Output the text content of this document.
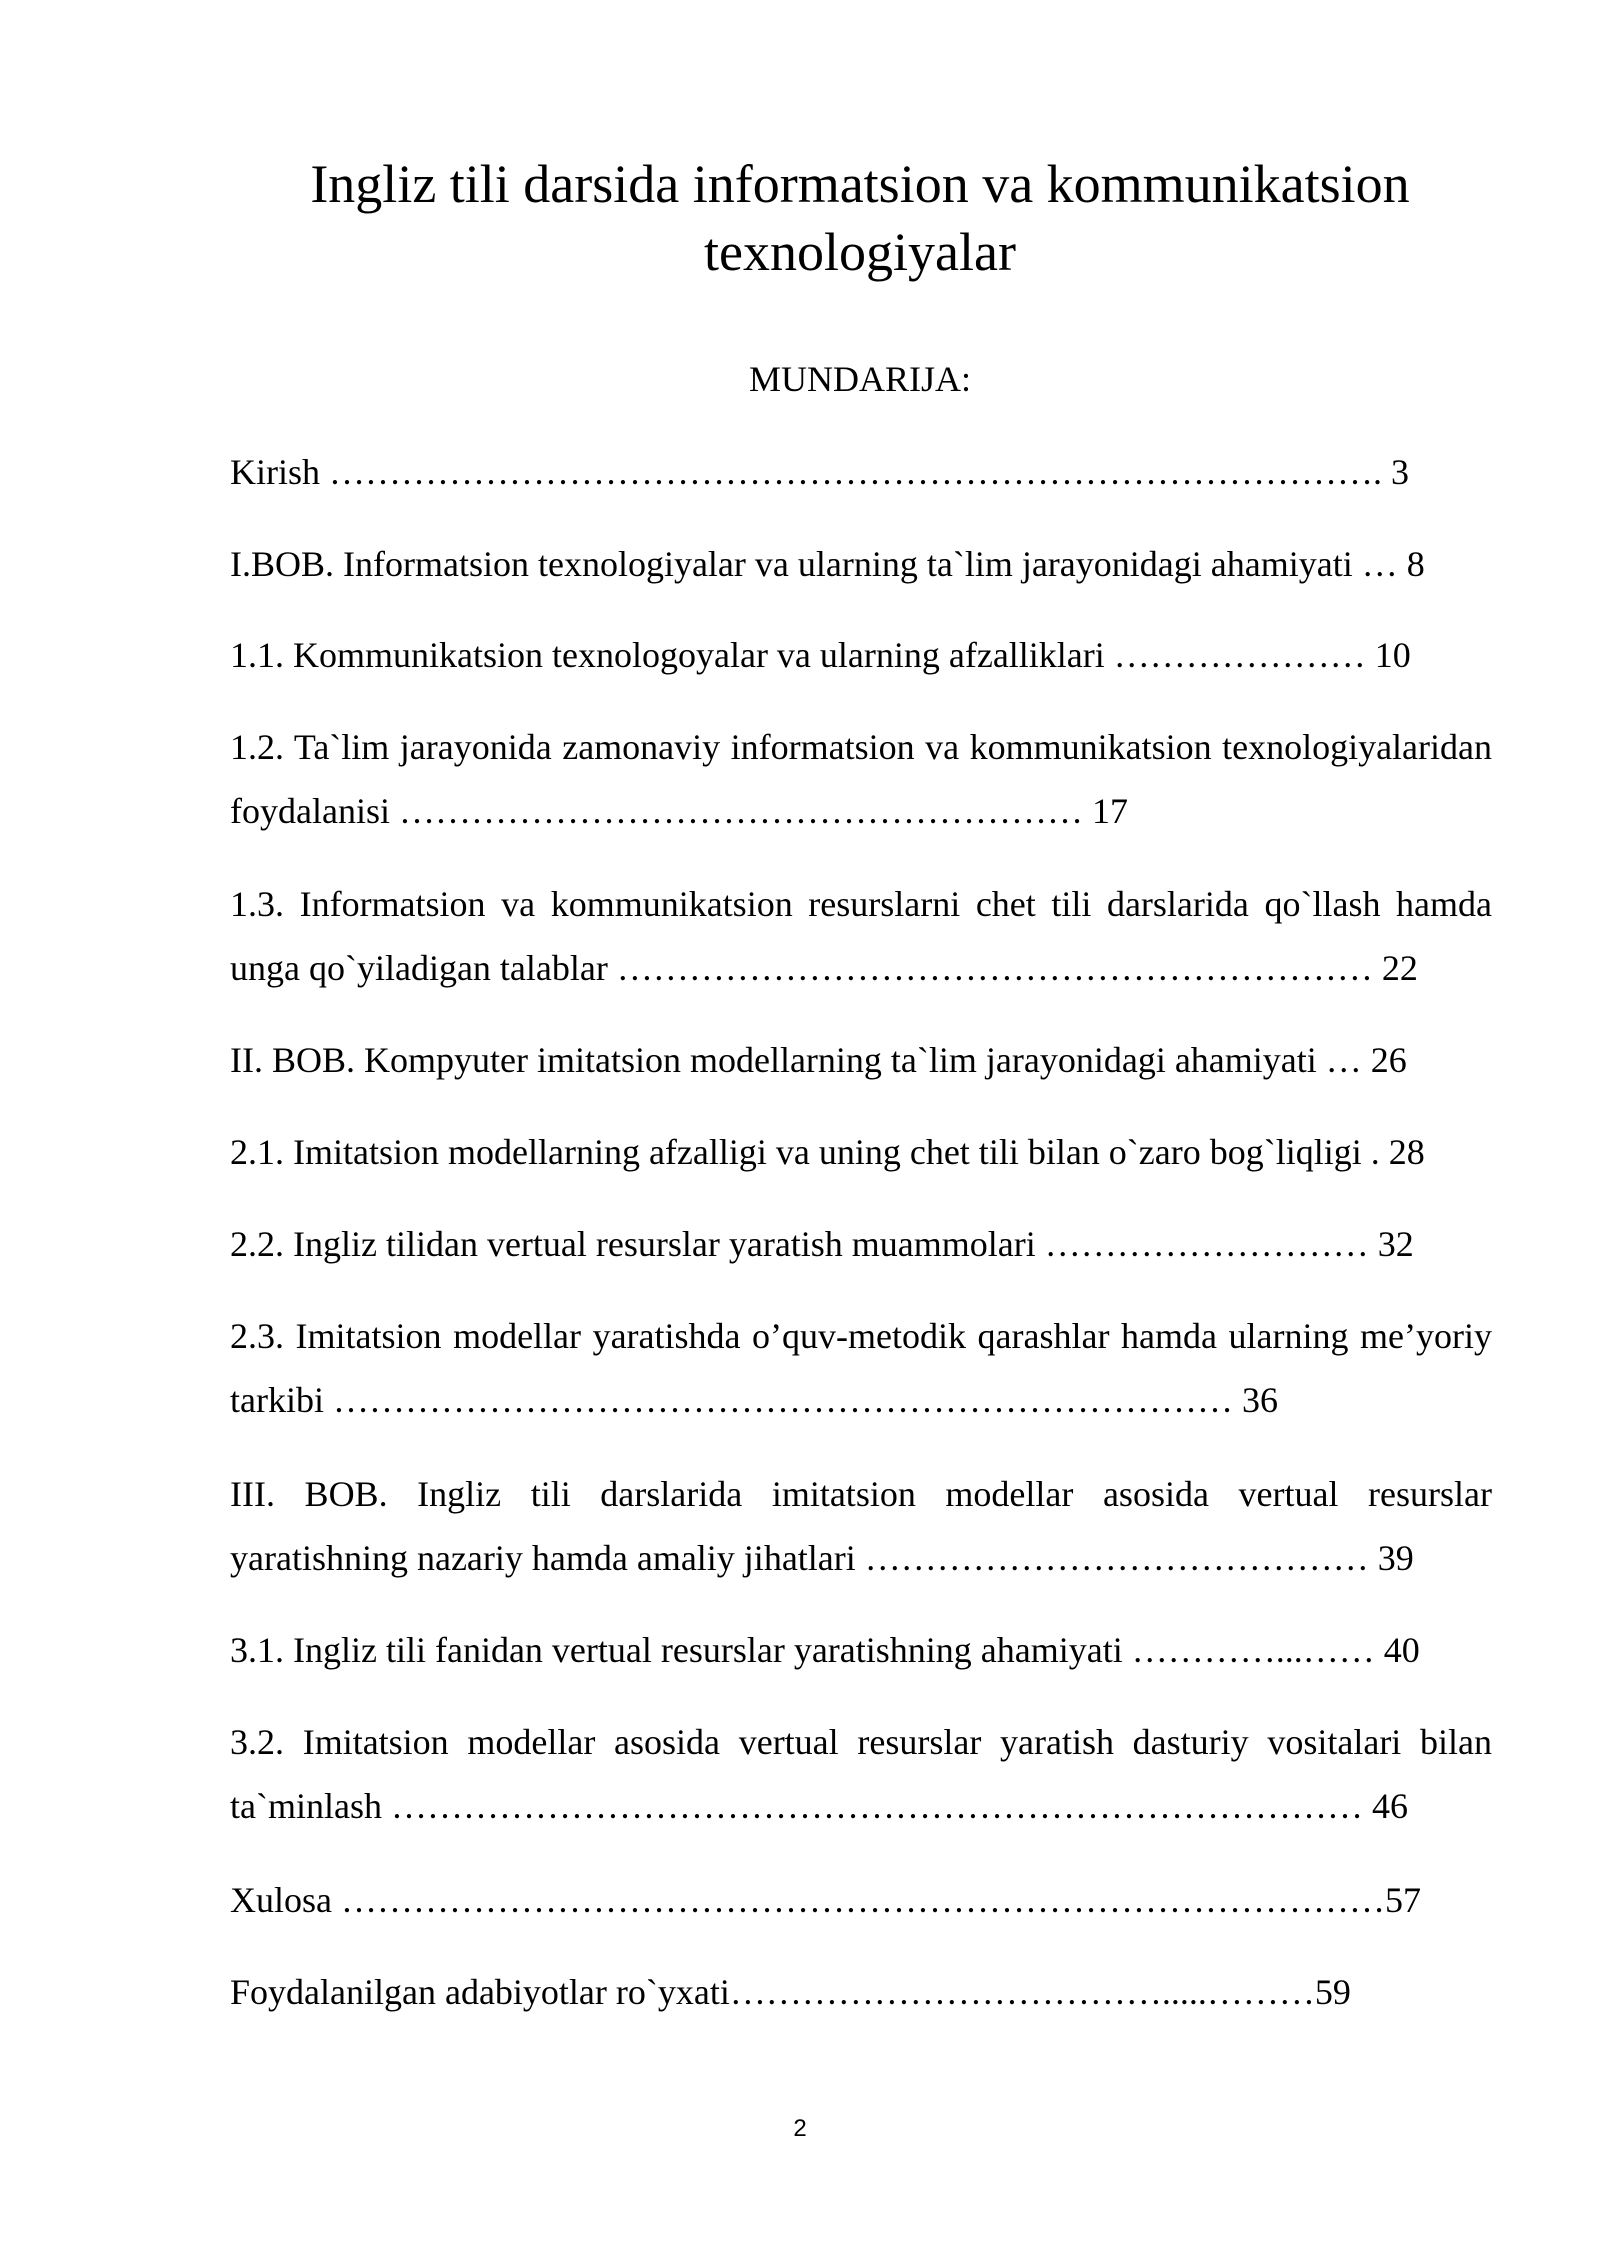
Ingliz tili darsida informatsion va kommunikatsion
texnologiyalar

MUNDARIJA:

Kirish ……………………………………………………………………………. 3
I.BOB. Informatsion texnologiyalar va ularning ta`lim jarayonidagi ahamiyati … 8
1.1. Kommunikatsion texnologoyalar va ularning afzalliklari ………………… 10
1.2. Ta`lim jarayonida zamonaviy informatsion va kommunikatsion texnologiyalaridan foydalanisi ………………………………………………… 17
1.3. Informatsion va kommunikatsion resurslarni chet tili darslarida qo`llash hamda unga qo`yiladigan talablar ……………………………………………………… 22
II. BOB. Kompyuter imitatsion modellarning ta`lim jarayonidagi ahamiyati … 26
2.1. Imitatsion modellarning afzalligi va uning chet tili bilan o`zaro bog`liqligi . 28
2.2. Ingliz tilidan vertual resurslar yaratish muammolari ……………………… 32
2.3. Imitatsion modellar yaratishda o’quv-metodik qarashlar hamda ularning me’yoriy tarkibi ………………………………………………………………… 36
III. BOB. Ingliz tili darslarida imitatsion modellar asosida vertual resurslar yaratishning nazariy hamda amaliy jihatlari …………………………………… 39
3.1. Ingliz tili fanidan vertual resurslar yaratishning ahamiyati …………...…… 40
3.2. Imitatsion modellar asosida vertual resurslar yaratish dasturiy vositalari bilan ta`minlash ……………………………………………………………………… 46
Xulosa ……………………………………………………………………………57
Foydalanilgan adabiyotlar ro`yxati……………………………….....………59

2
